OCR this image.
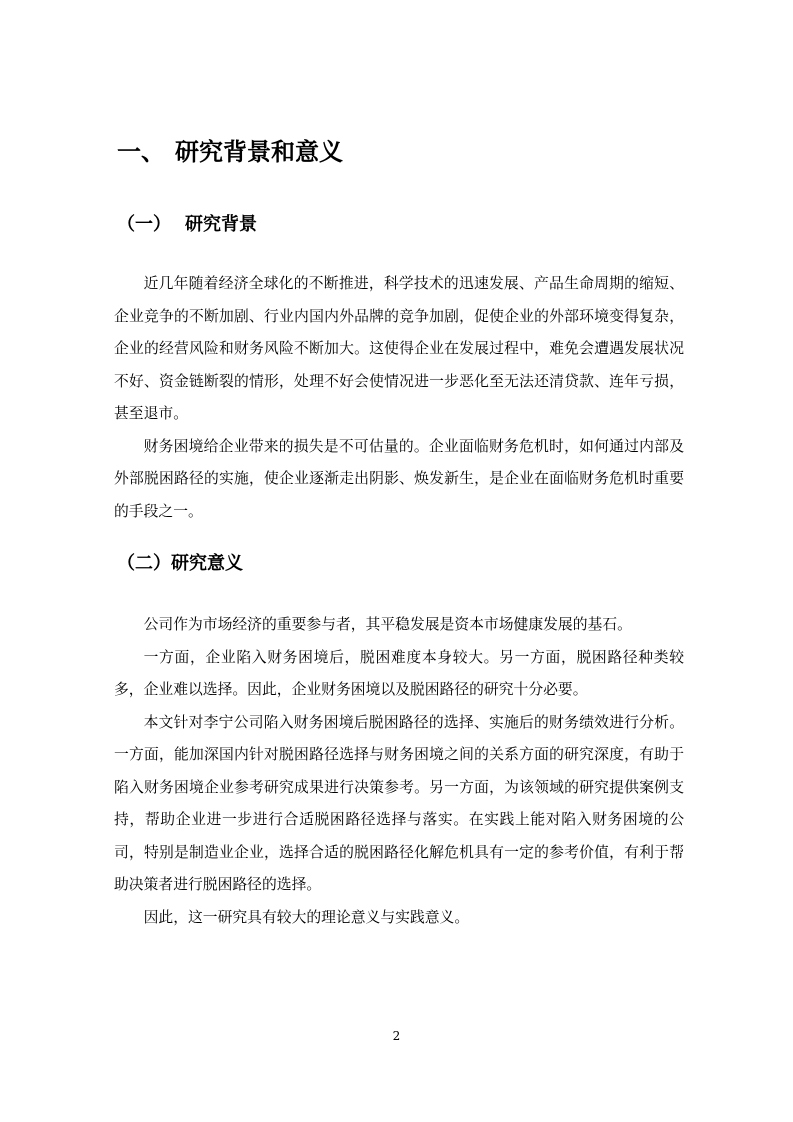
一、 研究背景和意义
（一） 研究背景

近几年随着经济全球化的不断推进，科学技术的迅速发展、产品生命周期的缩短、企业竞争的不断加剧、行业内国内外品牌的竞争加剧，促使企业的外部环境变得复杂，企业的经营风险和财务风险不断加大。这使得企业在发展过程中，难免会遭遇发展状况不好、资金链断裂的情形，处理不好会使情况进一步恶化至无法还清贷款、连年亏损，甚至退市。

财务困境给企业带来的损失是不可估量的。企业面临财务危机时，如何通过内部及外部脱困路径的实施，使企业逐渐走出阴影、焕发新生，是企业在面临财务危机时重要的手段之一。

（二）研究意义

公司作为市场经济的重要参与者，其平稳发展是资本市场健康发展的基石。

一方面，企业陷入财务困境后，脱困难度本身较大。另一方面，脱困路径种类较多，企业难以选择。因此，企业财务困境以及脱困路径的研究十分必要。

本文针对李宁公司陷入财务困境后脱困路径的选择、实施后的财务绩效进行分析。一方面，能加深国内针对脱困路径选择与财务困境之间的关系方面的研究深度，有助于陷入财务困境企业参考研究成果进行决策参考。另一方面，为该领域的研究提供案例支持，帮助企业进一步进行合适脱困路径选择与落实。在实践上能对陷入财务困境的公司，特别是制造业企业，选择合适的脱困路径化解危机具有一定的参考价值，有利于帮助决策者进行脱困路径的选择。

因此，这一研究具有较大的理论意义与实践意义。

2
